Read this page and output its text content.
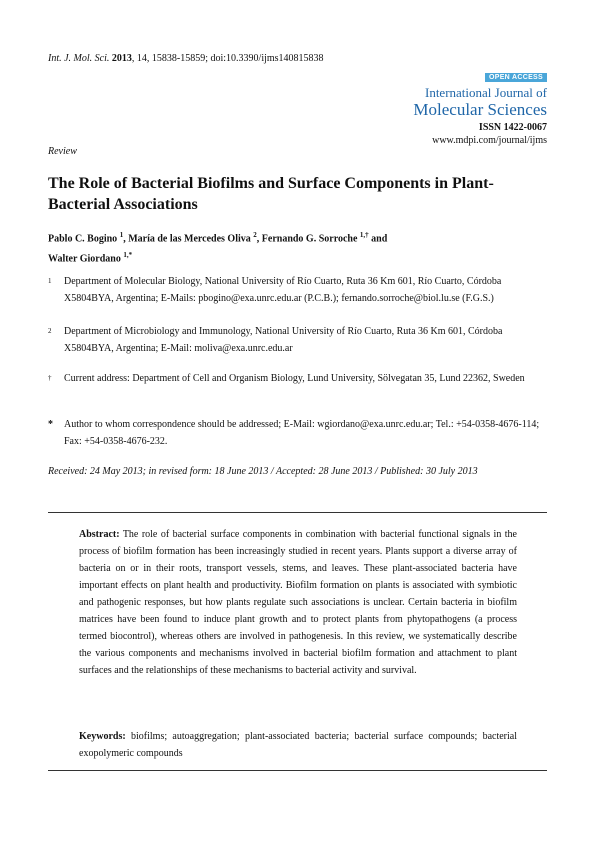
Int. J. Mol. Sci. 2013, 14, 15838-15859; doi:10.3390/ijms140815838
OPEN ACCESS
International Journal of
Molecular Sciences
ISSN 1422-0067
www.mdpi.com/journal/ijms
Review
The Role of Bacterial Biofilms and Surface Components in Plant-Bacterial Associations
Pablo C. Bogino $^1$, María de las Mercedes Oliva $^2$, Fernando G. Sorroche $^{1,\dagger}$ and
Walter Giordano $^{1,*}$
1 Department of Molecular Biology, National University of Río Cuarto, Ruta 36 Km 601, Río Cuarto, Córdoba X5804BYA, Argentina; E-Mails: pbogino@exa.unrc.edu.ar (P.C.B.); fernando.sorroche@biol.lu.se (F.G.S.)
2 Department of Microbiology and Immunology, National University of Río Cuarto, Ruta 36 Km 601, Córdoba X5804BYA, Argentina; E-Mail: moliva@exa.unrc.edu.ar
† Current address: Department of Cell and Organism Biology, Lund University, Sölvegatan 35, Lund 22362, Sweden
* Author to whom correspondence should be addressed; E-Mail: wgiordano@exa.unrc.edu.ar; Tel.: +54-0358-4676-114; Fax: +54-0358-4676-232.
Received: 24 May 2013; in revised form: 18 June 2013 / Accepted: 28 June 2013 / Published: 30 July 2013
Abstract: The role of bacterial surface components in combination with bacterial functional signals in the process of biofilm formation has been increasingly studied in recent years. Plants support a diverse array of bacteria on or in their roots, transport vessels, stems, and leaves. These plant-associated bacteria have important effects on plant health and productivity. Biofilm formation on plants is associated with symbiotic and pathogenic responses, but how plants regulate such associations is unclear. Certain bacteria in biofilm matrices have been found to induce plant growth and to protect plants from phytopathogens (a process termed biocontrol), whereas others are involved in pathogenesis. In this review, we systematically describe the various components and mechanisms involved in bacterial biofilm formation and attachment to plant surfaces and the relationships of these mechanisms to bacterial activity and survival.
Keywords: biofilms; autoaggregation; plant-associated bacteria; bacterial surface compounds; bacterial exopolymeric compounds
